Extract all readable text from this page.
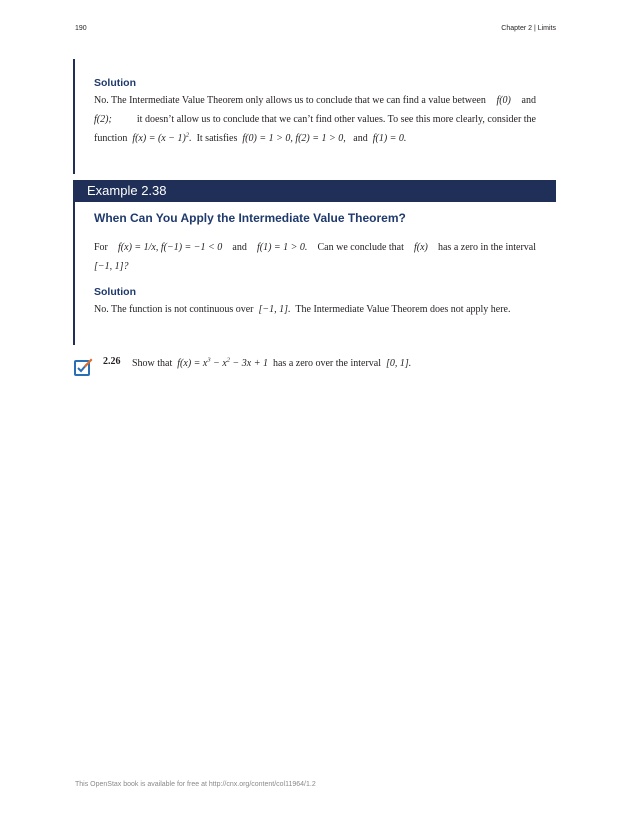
190	Chapter 2 | Limits
Solution
No. The Intermediate Value Theorem only allows us to conclude that we can find a value between f(0) and
f(2);	it doesn’t allow us to conclude that we can’t find other values. To see this more clearly, consider the
function $f(x) = (x - 1)^2$. It satisfies f(0) = 1 > 0, f(2) = 1 > 0, and f(1) = 0.
Example 2.38
When Can You Apply the Intermediate Value Theorem?
For f(x) = 1/x, f(−1) = −1 < 0 and f(1) = 1 > 0. Can we conclude that f(x) has a zero in the interval
[−1, 1]?
Solution
No. The function is not continuous over [−1, 1]. The Intermediate Value Theorem does not apply here.
2.26 Show that $f(x) = x^3 - x^2 - 3x + 1$ has a zero over the interval [0, 1].
This OpenStax book is available for free at http://cnx.org/content/col11964/1.2
